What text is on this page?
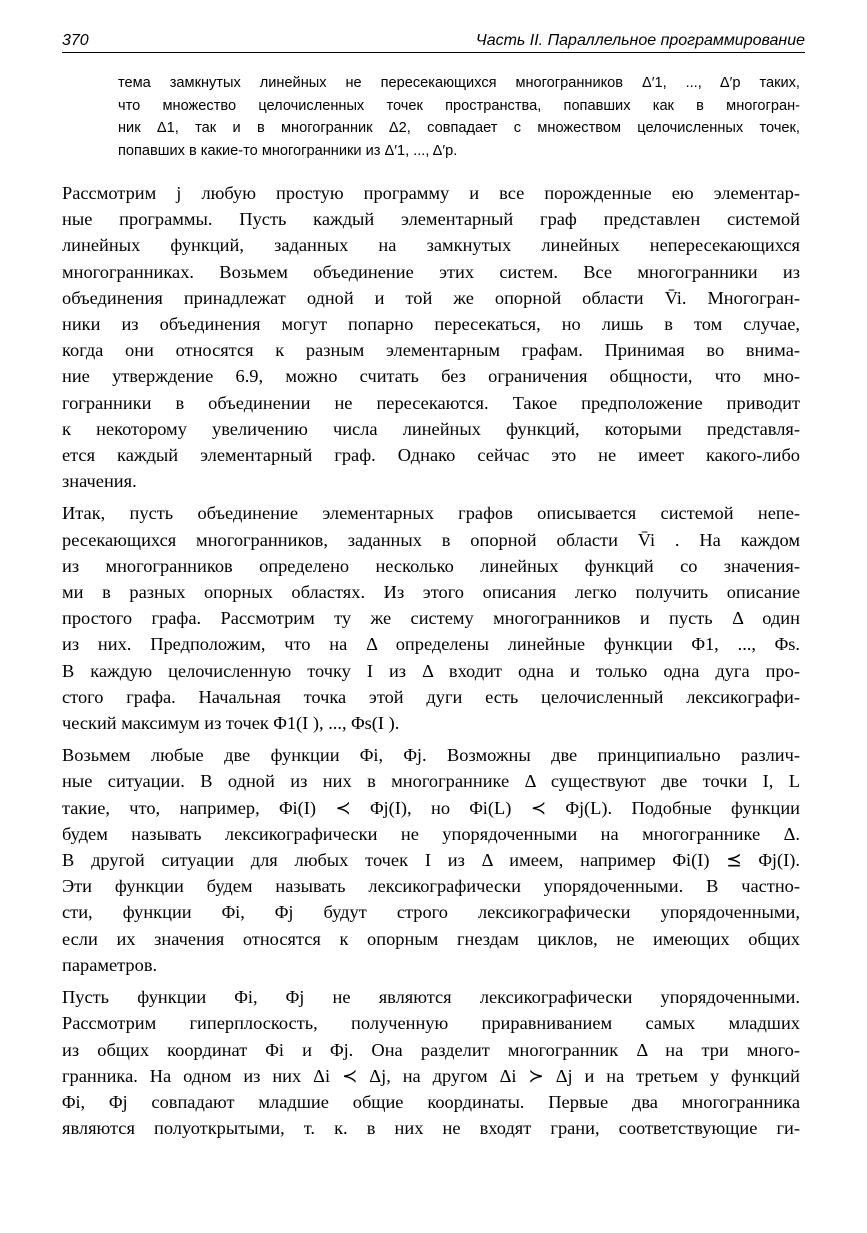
370	Часть II. Параллельное программирование

тема замкнутых линейных не пересекающихся многогранников Δ′1, ..., Δ′p таких,
что множество целочисленных точек пространства, попавших как в многогран-
ник Δ1, так и в многогранник Δ2, совпадает с множеством целочисленных точек,
попавших в какие-то многогранники из Δ′1, ..., Δ′p.

Рассмотрим j любую простую программу и все порожденные ею элементар-
ные программы. Пусть каждый элементарный граф представлен системой
линейных функций, заданных на замкнутых линейных непересекающихся
многогранниках. Возьмем объединение этих систем. Все многогранники из
объединения принадлежат одной и той же опорной области V̄i. Многогран-
ники из объединения могут попарно пересекаться, но лишь в том случае,
когда они относятся к разным элементарным графам. Принимая во внима-
ние утверждение 6.9, можно считать без ограничения общности, что мно-
гогранники в объединении не пересекаются. Такое предположение приводит
к некоторому увеличению числа линейных функций, которыми представля-
ется каждый элементарный граф. Однако сейчас это не имеет какого-либо
значения.

Итак, пусть объединение элементарных графов описывается системой непе-
ресекающихся многогранников, заданных в опорной области V̄i . На каждом
из многогранников определено несколько линейных функций со значения-
ми в разных опорных областях. Из этого описания легко получить описание
простого графа. Рассмотрим ту же систему многогранников и пусть Δ один
из них. Предположим, что на Δ определены линейные функции Φ1, ..., Φs.
В каждую целочисленную точку I из Δ входит одна и только одна дуга про-
стого графа. Начальная точка этой дуги есть целочисленный лексикографи-
ческий максимум из точек Φ1(I ), ..., Φs(I ).

Возьмем любые две функции Φi, Φj. Возможны две принципиально различ-
ные ситуации. В одной из них в многограннике Δ существуют две точки I, L
такие, что, например, Φi(I) ≺ Φj(I), но Φi(L) ≺ Φj(L). Подобные функции
будем называть лексикографически не упорядоченными на многограннике Δ.
В другой ситуации для любых точек I из Δ имеем, например Φi(I) ⪯ Φj(I).
Эти функции будем называть лексикографически упорядоченными. В частно-
сти, функции Φi, Φj будут строго лексикографически упорядоченными,
если их значения относятся к опорным гнездам циклов, не имеющих общих
параметров.

Пусть функции Φi, Φj не являются лексикографически упорядоченными.
Рассмотрим гиперплоскость, полученную приравниванием самых младших
из общих координат Φi и Φj. Она разделит многогранник Δ на три много-
гранника. На одном из них Δi ≺ Δj, на другом Δi ≻ Δj и на третьем у функций
Φi, Φj совпадают младшие общие координаты. Первые два многогранника
являются полуоткрытыми, т. к. в них не входят грани, соответствующие ги-
